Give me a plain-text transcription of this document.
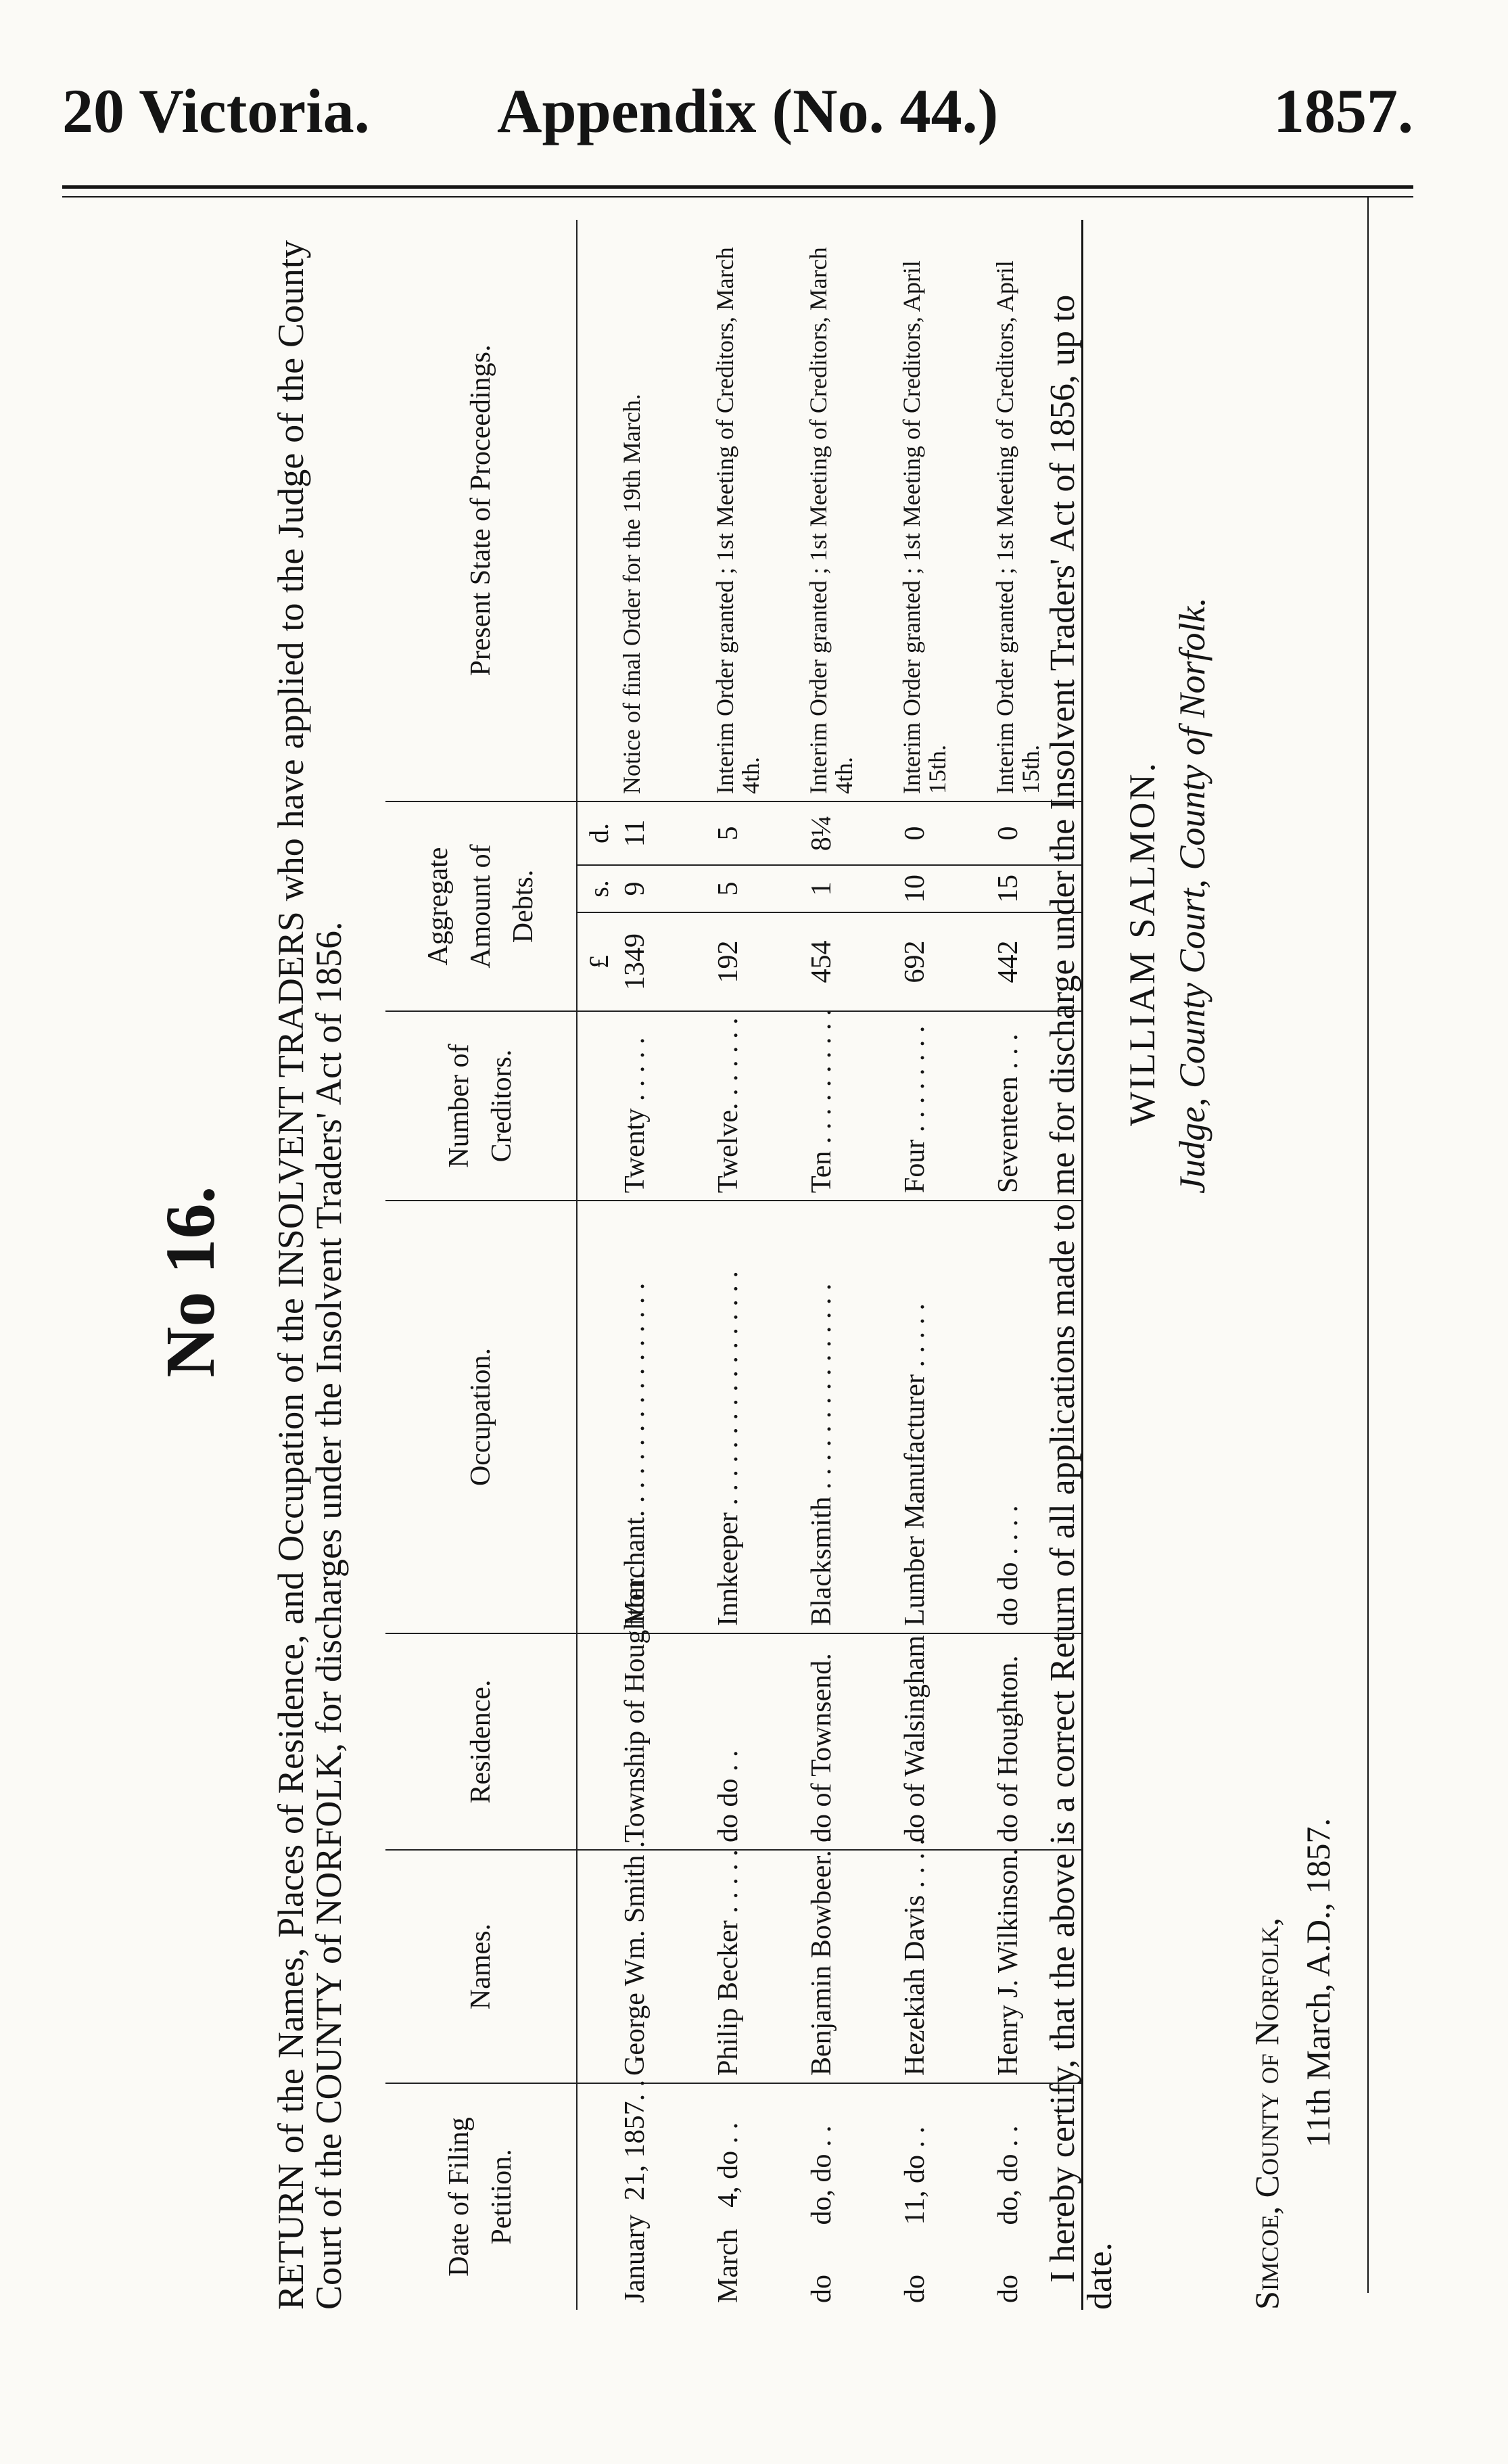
20 Victoria. Appendix (No. 44.)	1857.
No 16.

RETURN of the Names, Places of Residence, and Occupation of the INSOLVENT TRADERS who have applied to the Judge of the County Court of the COUNTY of NORFOLK, for discharges under the Insolvent Traders' Act of 1856.	Date of Filing Petition.	Names.	Residence.	Occupation.	Number of Creditors.	Aggregate Amount of Debts.			Present State of Proceedings.
					£	s.	d.	
January  21, 1857. .	George Wm. Smith .	Township of Houghton.	Merchant. . . . . . . . . . . . . . . . .	Twenty . . . . .	1349	9	11	Notice of final Order for the 19th March.
March   4, do . .	Philip Becker . . . . . .	do do . .	Innkeeper . . . . . . . . . . . . . . . . .	Twelve. . . . . . .	192	5	5	Interim Order granted ; 1st Meeting of Creditors, March 4th.
do       do, do . .	Benjamin Bowbeer. .	do of Townsend.	Blacksmith . . . . . . . . . . . . . . .	Ten . . . . . . . . . .	454	1	8¼	Interim Order granted ; 1st Meeting of Creditors, March 4th.
do       11, do . .	Hezekiah Davis . . . .	do of Walsingham	Lumber Manufacturer . . . . .	Four . . . . . . . .	692	10	0	Interim Order granted ; 1st Meeting of Creditors, April 15th.
do       do, do . .	Henry J. Wilkinson.	do of Houghton.	do do . . . .	Seventeen . . .	442	15	0	Interim Order granted ; 1st Meeting of Creditors, April 15th.

I hereby certify, that the above is a correct Return of all applications made to me for discharge under the Insolvent Traders' Act of 1856, up to date.

WILLIAM SALMON. Judge, County Court, County of Norfolk.
Simcoe, County of Norfolk, 11th March, A.D., 1857.
